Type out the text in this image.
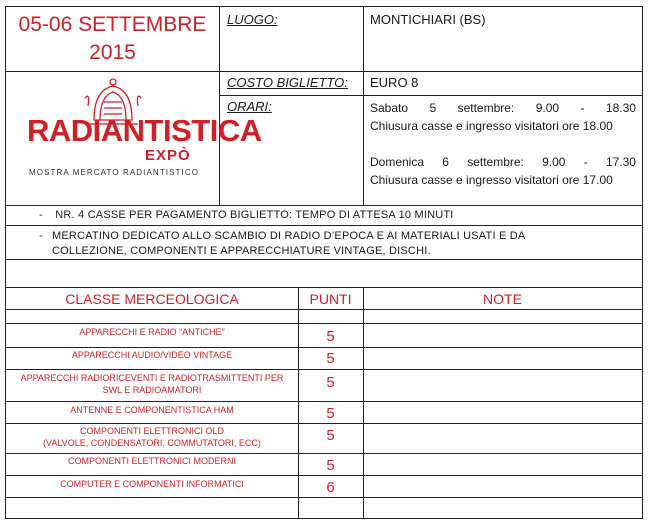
05-06 SETTEMBRE
2015
RADIANTISTICA
EXPÒ
MOSTRA MERCATO RADIANTISTICO
LUOGO:	MONTICHIARI (BS)
COSTO BIGLIETTO: EURO 8
ORARI:	Sabato 5 settembre: 9.00 - 18.30
Chiusura casse e ingresso visitatori ore 18.00
Domenica 6 settembre: 9.00 - 17.30
Chiusura casse e ingresso visitatori ore 17.00
- NR. 4 CASSE PER PAGAMENTO BIGLIETTO: TEMPO DI ATTESA 10 MINUTI
- MERCATINO DEDICATO ALLO SCAMBIO DI RADIO D’EPOCA E AI MATERIALI USATI E DA
COLLEZIONE, COMPONENTI E APPARECCHIATURE VINTAGE, DISCHI.
CLASSE MERCEOLOGICA	PUNTI	NOTE
APPARECCHI E RADIO “ANTICHE”	5
APPARECCHI AUDIO/VIDEO VINTAGE	5
APPARECCHI RADIORICEVENTI E RADIOTRASMITTENTI PER
SWL E RADIOAMATORI	5
ANTENNE E COMPONENTISTICA HAM	5
COMPONENTI ELETTRONICI OLD
(VALVOLE, CONDENSATORI, COMMUTATORI, ECC)	5
COMPONENTI ELETTRONICI MODERNI	5
COMPUTER E COMPONENTI INFORMATICI	6
